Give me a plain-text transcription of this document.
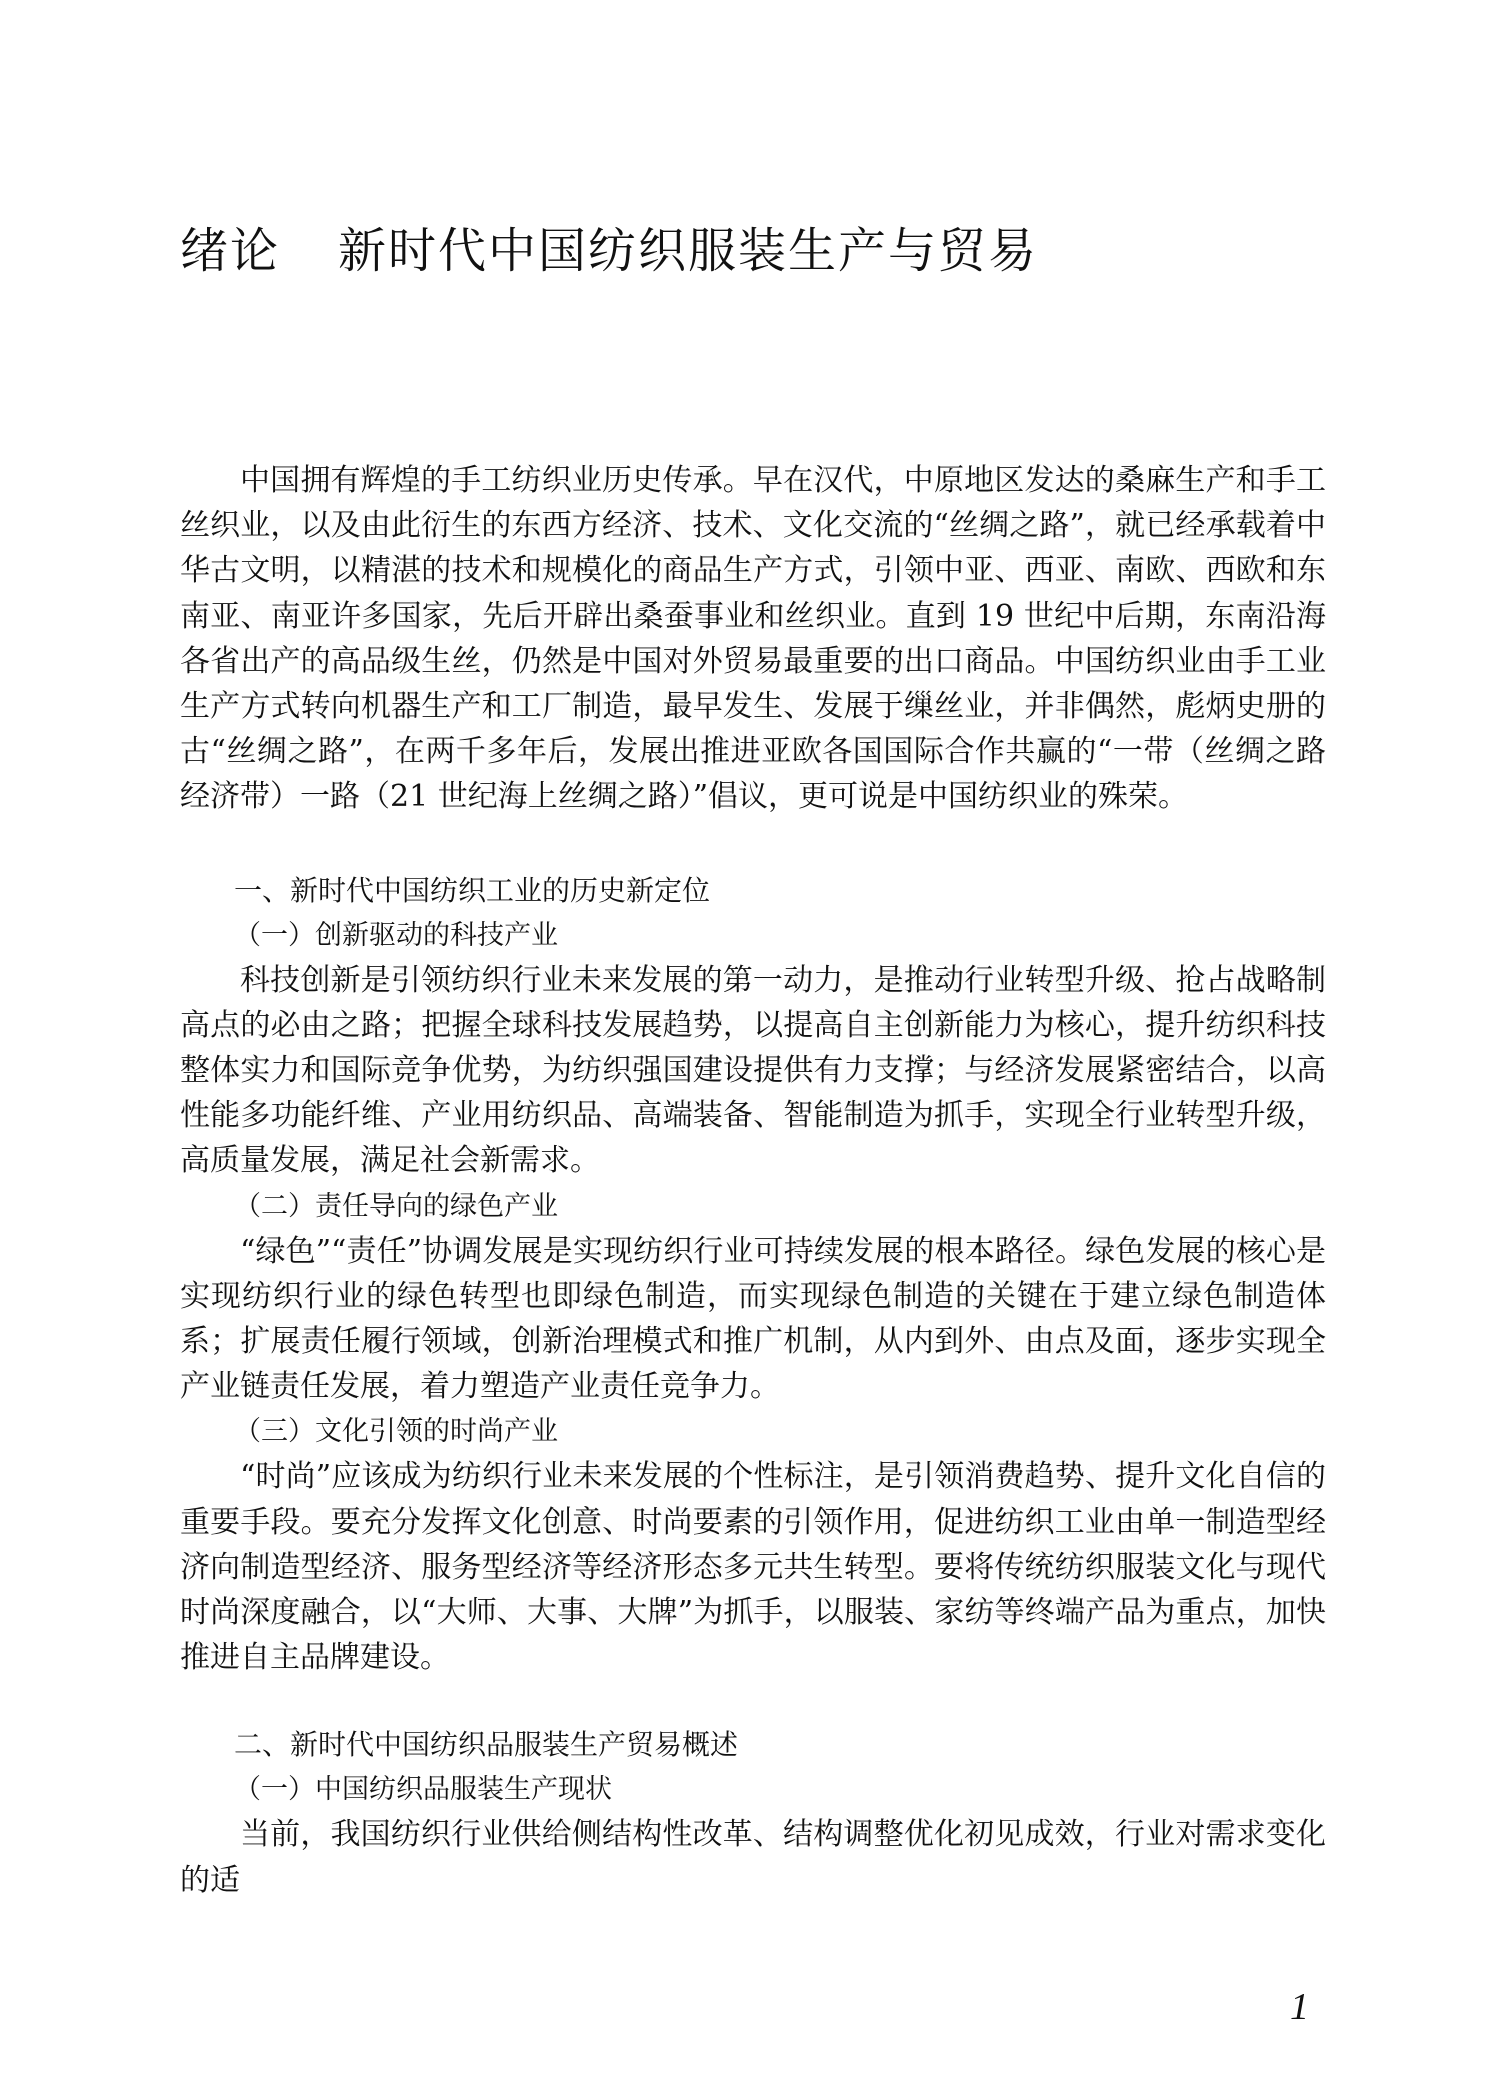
绪论 新时代中国纺织服装生产与贸易

中国拥有辉煌的手工纺织业历史传承。早在汉代，中原地区发达的桑麻生产和手工丝织业，以及由此衍生的东西方经济、技术、文化交流的“丝绸之路”，就已经承载着中华古文明，以精湛的技术和规模化的商品生产方式，引领中亚、西亚、南欧、西欧和东南亚、南亚许多国家，先后开辟出桑蚕事业和丝织业。直到 19 世纪中后期，东南沿海各省出产的高品级生丝，仍然是中国对外贸易最重要的出口商品。中国纺织业由手工业生产方式转向机器生产和工厂制造，最早发生、发展于缫丝业，并非偶然，彪炳史册的古“丝绸之路”，在两千多年后，发展出推进亚欧各国国际合作共赢的“一带（丝绸之路经济带）一路（21 世纪海上丝绸之路）”倡议，更可说是中国纺织业的殊荣。

一、新时代中国纺织工业的历史新定位
（一）创新驱动的科技产业

科技创新是引领纺织行业未来发展的第一动力，是推动行业转型升级、抢占战略制高点的必由之路；把握全球科技发展趋势，以提高自主创新能力为核心，提升纺织科技整体实力和国际竞争优势，为纺织强国建设提供有力支撑；与经济发展紧密结合，以高性能多功能纤维、产业用纺织品、高端装备、智能制造为抓手，实现全行业转型升级，高质量发展，满足社会新需求。

（二）责任导向的绿色产业

“绿色”“责任”协调发展是实现纺织行业可持续发展的根本路径。绿色发展的核心是实现纺织行业的绿色转型也即绿色制造，而实现绿色制造的关键在于建立绿色制造体系；扩展责任履行领域，创新治理模式和推广机制，从内到外、由点及面，逐步实现全产业链责任发展，着力塑造产业责任竞争力。

（三）文化引领的时尚产业

“时尚”应该成为纺织行业未来发展的个性标注，是引领消费趋势、提升文化自信的重要手段。要充分发挥文化创意、时尚要素的引领作用，促进纺织工业由单一制造型经济向制造型经济、服务型经济等经济形态多元共生转型。要将传统纺织服装文化与现代时尚深度融合，以“大师、大事、大牌”为抓手，以服装、家纺等终端产品为重点，加快推进自主品牌建设。

二、新时代中国纺织品服装生产贸易概述
（一）中国纺织品服装生产现状

当前，我国纺织行业供给侧结构性改革、结构调整优化初见成效，行业对需求变化的适

1
